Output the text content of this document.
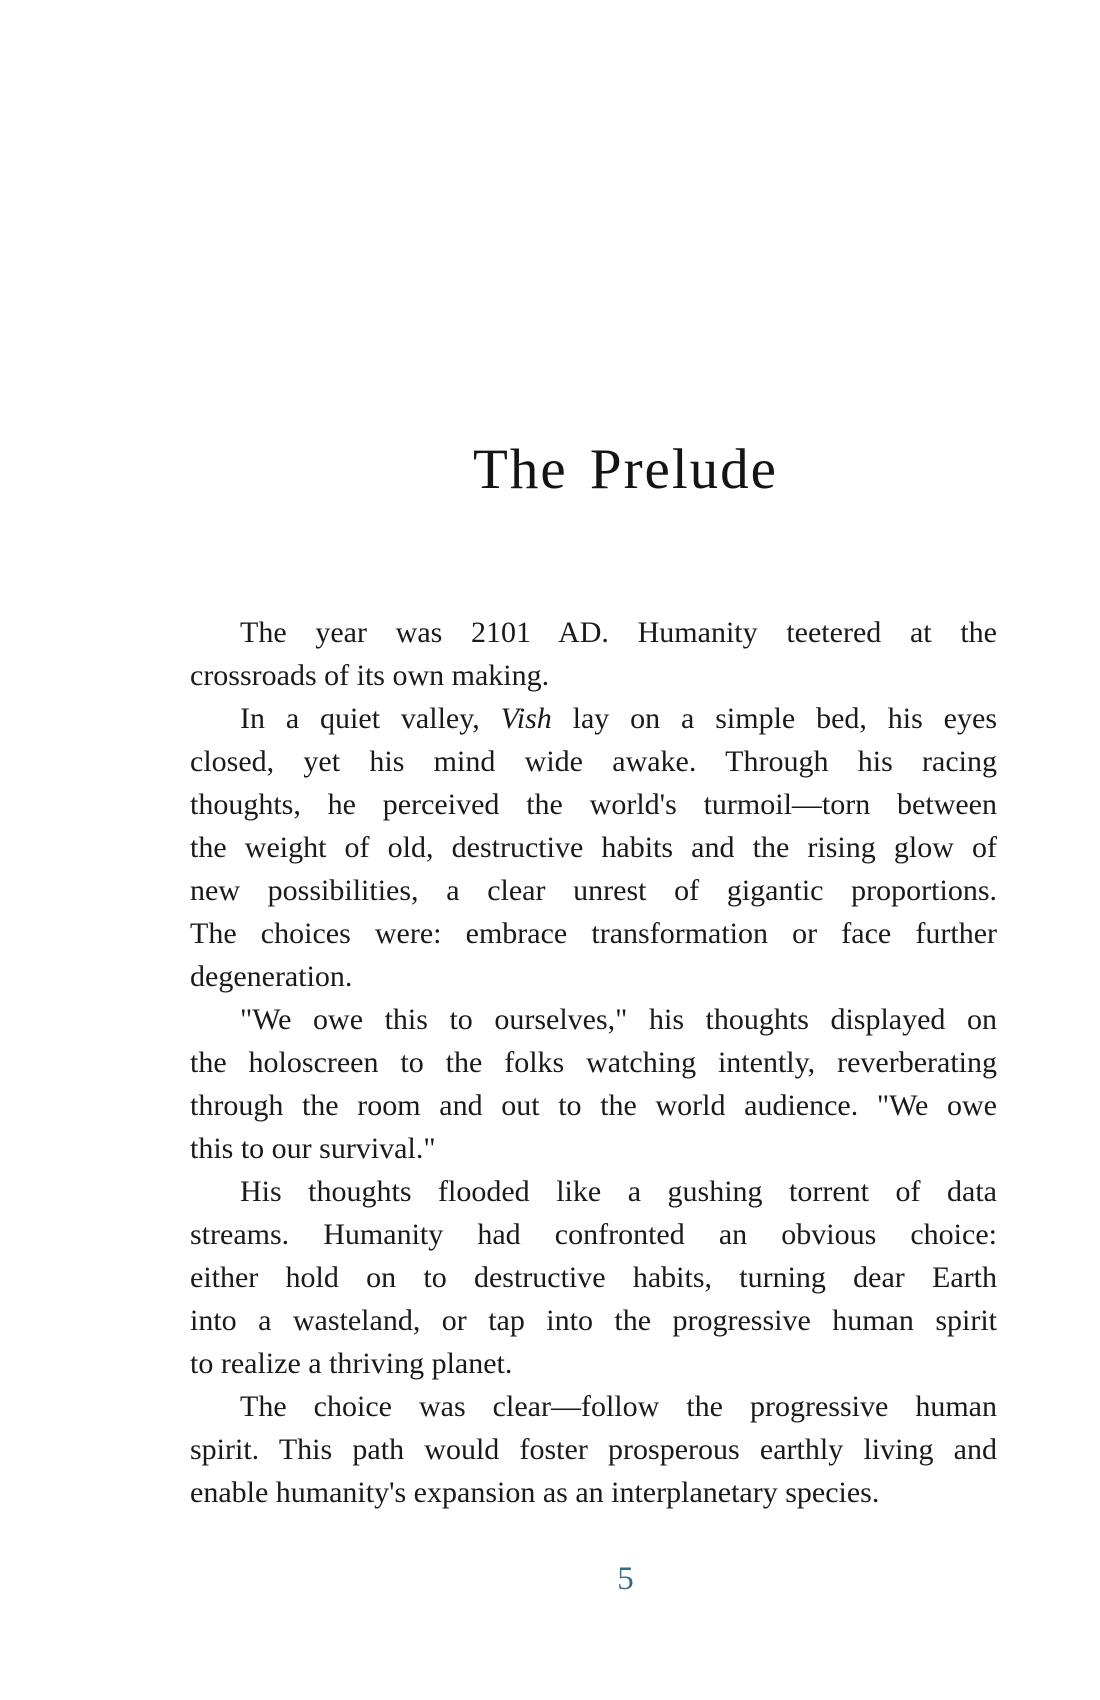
The Prelude
The year was 2101 AD. Humanity teetered at the
crossroads of its own making.
In a quiet valley, Vish lay on a simple bed, his eyes
closed, yet his mind wide awake. Through his racing
thoughts, he perceived the world's turmoil—torn between
the weight of old, destructive habits and the rising glow of
new possibilities, a clear unrest of gigantic proportions.
The choices were: embrace transformation or face further
degeneration.
"We owe this to ourselves," his thoughts displayed on
the holoscreen to the folks watching intently, reverberating
through the room and out to the world audience. "We owe
this to our survival."
His thoughts flooded like a gushing torrent of data
streams. Humanity had confronted an obvious choice:
either hold on to destructive habits, turning dear Earth
into a wasteland, or tap into the progressive human spirit
to realize a thriving planet.
The choice was clear—follow the progressive human
spirit. This path would foster prosperous earthly living and
enable humanity's expansion as an interplanetary species.
5
